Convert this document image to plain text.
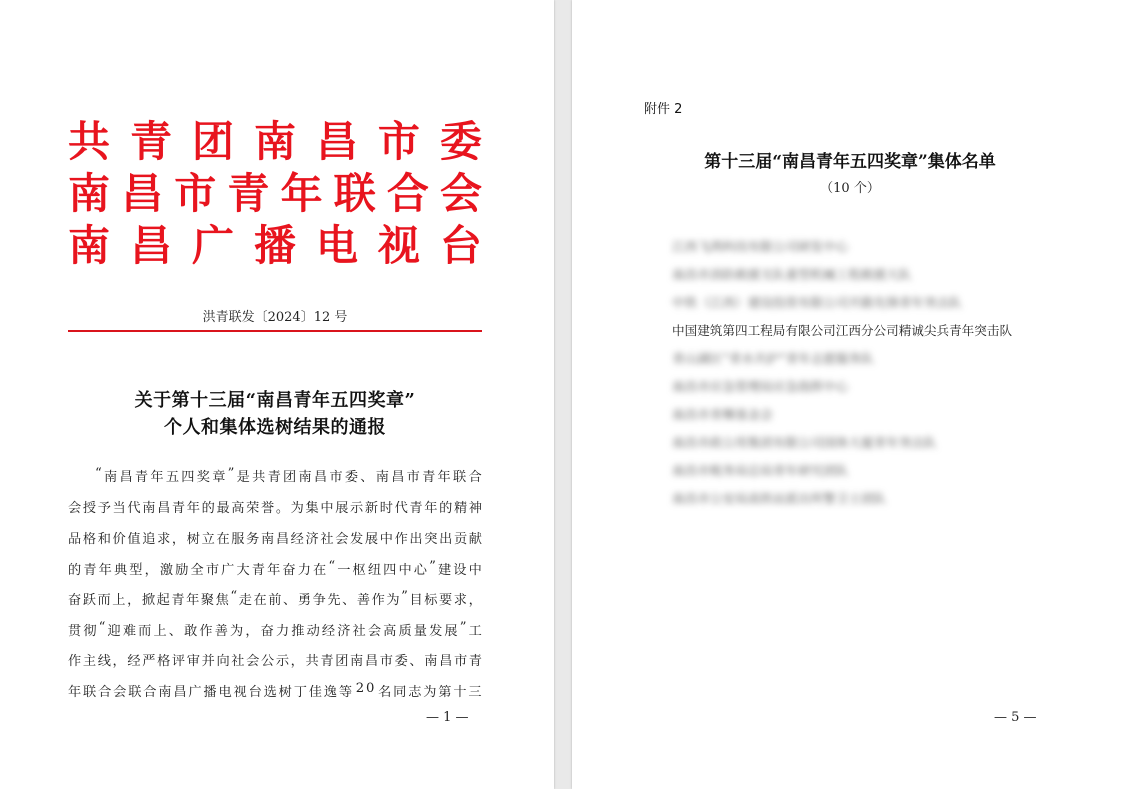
共 青 团 南 昌 市 委
南 昌 市 青 年 联 合 会
南 昌 广 播 电 视 台
洪青联发〔2024〕12 号
关于第十三届“南昌青年五四奖章”
个人和集体选树结果的通报
“ 南 昌 青 年 五 四 奖 章 ” 是 共 青 团 南 昌 市 委 、 南 昌 市 青 年 联 合
会 授 予 当 代 南 昌 青 年 的 最 高 荣 誉 。 为 集 中 展 示 新 时 代 青 年 的 精 神
品 格 和 价 值 追 求 ， 树 立 在 服 务 南 昌 经 济 社 会 发 展 中 作 出 突 出 贡 献
的 青 年 典 型 ， 激 励 全 市 广 大 青 年 奋 力 在 “ 一 枢 纽 四 中 心 ” 建 设 中
奋 跃 而 上 ， 掀 起 青 年 聚 焦 “ 走 在 前 、 勇 争 先 、 善 作 为 ” 目 标 要 求 ，
贯 彻 “ 迎 难 而 上 、 敢 作 善 为 ， 奋 力 推 动 经 济 社 会 高 质 量 发 展 ” 工
作 主 线 ， 经 严 格 评 审 并 向 社 会 公 示 ， 共 青 团 南 昌 市 委 、 南 昌 市 青
年 联 合 会 联 合 南 昌 广 播 电 视 台 选 树 丁 佳 逸 等 2 0 名 同 志 为 第 十 三
— 1 —
附件 2
第十三届“南昌青年五四奖章”集体名单
（10 个）
江西飞鸿科技有限公司研发中心
南昌市消防救援支队重型机械工程救援大队
中铁（江西）建设投资有限公司开路先锋青年突击队
中国建筑第四工程局有限公司江西分公司精诚尖兵青年突击队
青山湖区“青水共护”青年志愿服务队
南昌市应急管理局应急指挥中心
南昌市青稞基金会
南昌市政公用集团有限公司国体大厦青年突击队
南昌市税务局总局青年研究团队
南昌市公安局高铁站派出所警卫士团队
— 5 —
